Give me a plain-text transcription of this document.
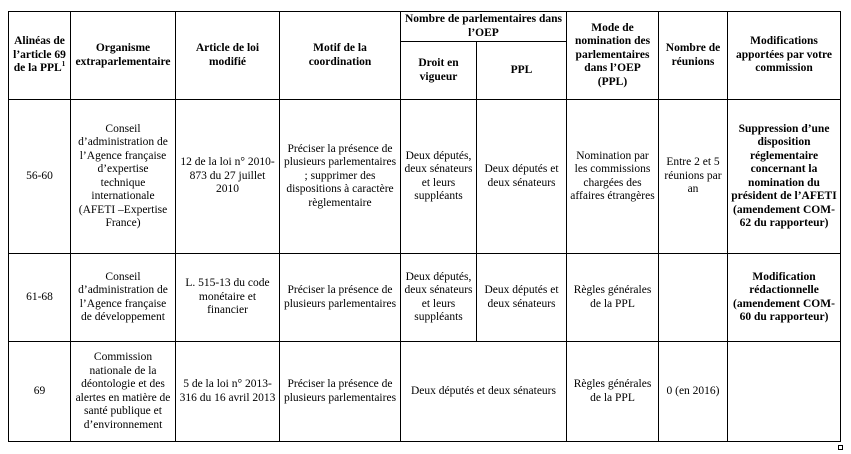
Alinéas de l’article 69 de la PPL$^1$	Organisme extraparlementaire	Article de loi modifié	Motif de la coordination	Nombre de parlementaires dans l’OEP		Mode de nomination des parlementaires dans l’OEP (PPL)	Nombre de réunions	Modifications apportées par votre commission
				Droit en vigueur	PPL			
56-60	Conseil d’administration de l’Agence française d’expertise technique internationale (AFETI –Expertise France)	12 de la loi n° 2010-873 du 27 juillet 2010	Préciser la présence de plusieurs parlementaires ; supprimer des dispositions à caractère règlementaire	Deux députés, deux sénateurs et leurs suppléants	Deux députés et deux sénateurs	Nomination par les commissions chargées des affaires étrangères	Entre 2 et 5 réunions par an	Suppression d’une disposition réglementaire concernant la nomination du président de l’AFETI (amendement COM-62 du rapporteur)
61-68	Conseil d’administration de l’Agence française de développement	L. 515-13 du code monétaire et financier	Préciser la présence de plusieurs parlementaires	Deux députés, deux sénateurs et leurs suppléants	Deux députés et deux sénateurs	Règles générales de la PPL		Modification rédactionnelle (amendement COM-60 du rapporteur)
69	Commission nationale de la déontologie et des alertes en matière de santé publique et d’environnement	5 de la loi n° 2013-316 du 16 avril 2013	Préciser la présence de plusieurs parlementaires	Deux députés et deux sénateurs		Règles générales de la PPL	0 (en 2016)	
